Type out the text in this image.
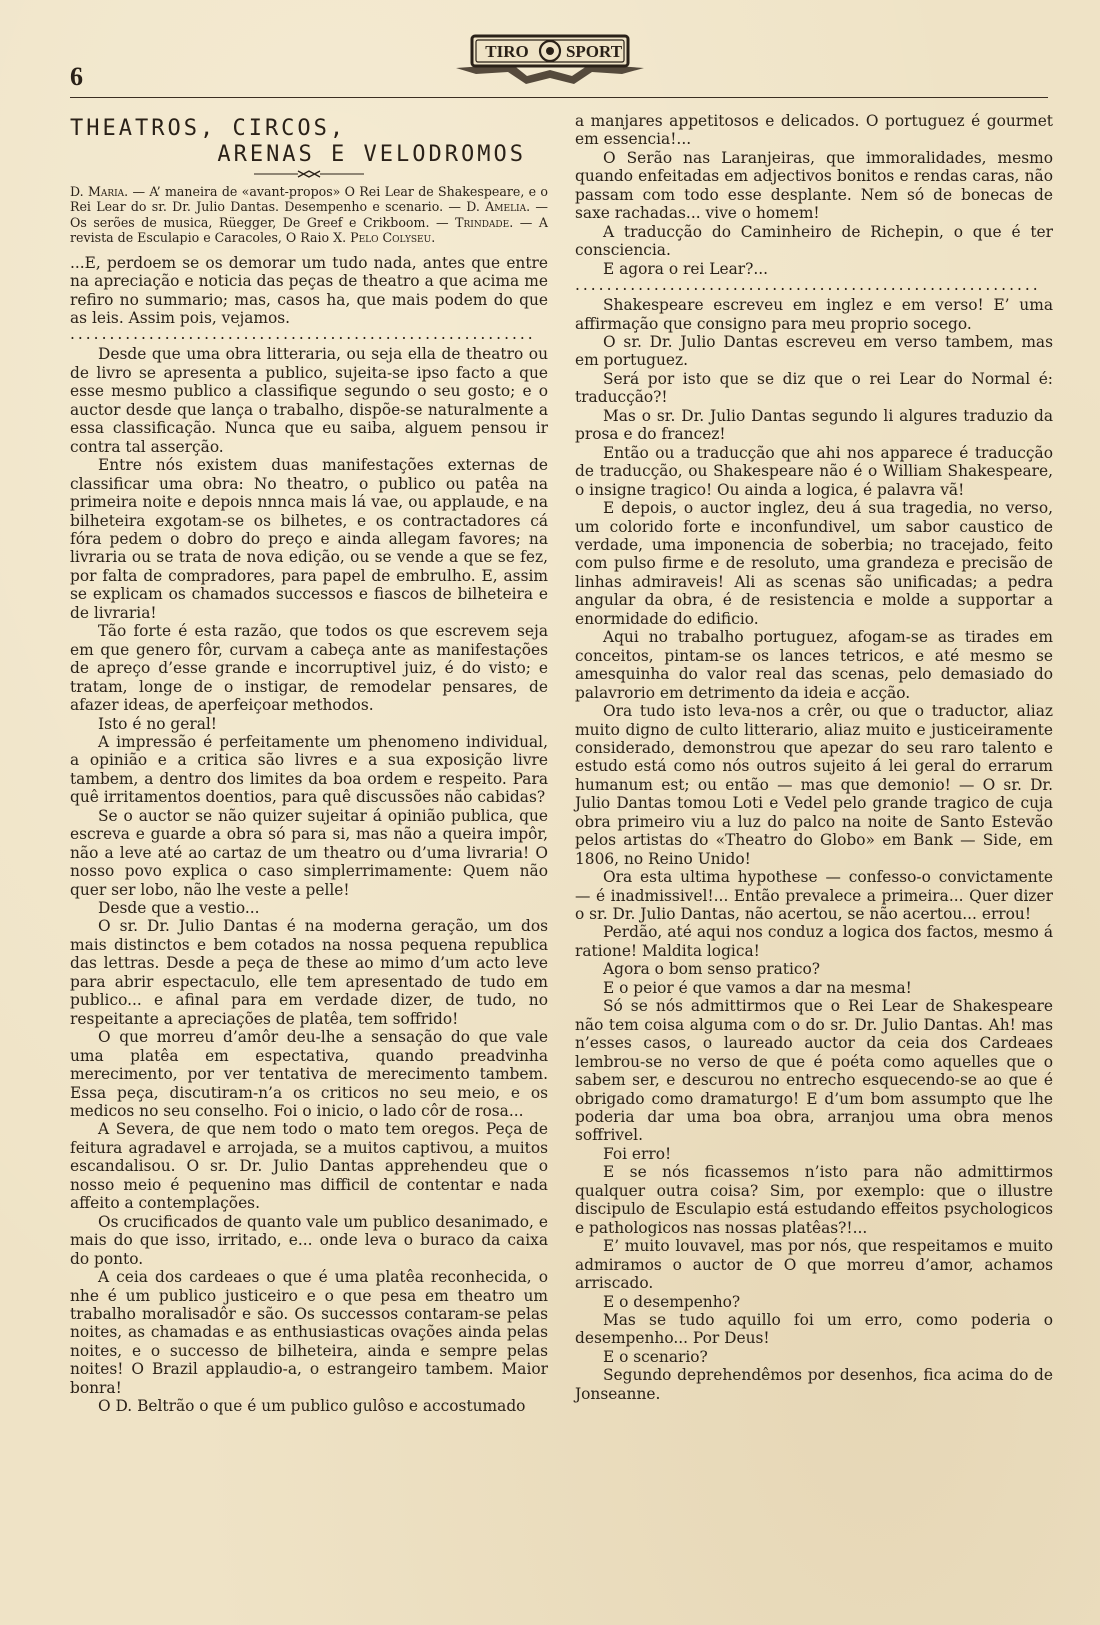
6
TIRO SPORT
THEATROS, CIRCOS,
ARENAS E VELODROMOS
D. Maria. — A’ maneira de «avant-propos» O Rei Lear de Shakespeare, e o Rei Lear do sr. Dr. Julio Dantas. Desempenho e scenario. — D. Amelia. — Os serões de musica, Rüegger, De Greef e Crikboom. — Trindade. — A revista de Esculapio e Caracoles, O Raio X. Pelo Colyseu.

...E, perdoem se os demorar um tudo nada, antes que entre na apreciação e noticia das peças de theatro a que acima me refiro no summario; mas, casos ha, que mais podem do que as leis. Assim pois, vejamos.

...........................................................

Desde que uma obra litteraria, ou seja ella de theatro ou de livro se apresenta a publico, sujeita-se ipso facto a que esse mesmo publico a classifique segundo o seu gosto; e o auctor desde que lança o trabalho, dispõe-se naturalmente a essa classificação. Nunca que eu saiba, alguem pensou ir contra tal asserção.

Entre nós existem duas manifestações externas de classificar uma obra: No theatro, o publico ou patêa na primeira noite e depois nnnca mais lá vae, ou applaude, e na bilheteira exgotam-se os bilhetes, e os contractadores cá fóra pedem o dobro do preço e ainda allegam favores; na livraria ou se trata de nova edição, ou se vende a que se fez, por falta de compradores, para papel de embrulho. E, assim se explicam os chamados successos e fiascos de bilheteira e de livraria!

Tão forte é esta razão, que todos os que escrevem seja em que genero fôr, curvam a cabeça ante as manifestações de apreço d’esse grande e incorruptivel juiz, é do visto; e tratam, longe de o instigar, de remodelar pensares, de afazer ideas, de aperfeiçoar methodos.

Isto é no geral!

A impressão é perfeitamente um phenomeno individual, a opinião e a critica são livres e a sua exposição livre tambem, a dentro dos limites da boa ordem e respeito. Para quê irritamentos doentios, para quê discussões não cabidas?

Se o auctor se não quizer sujeitar á opinião publica, que escreva e guarde a obra só para si, mas não a queira impôr, não a leve até ao cartaz de um theatro ou d’uma livraria! O nosso povo explica o caso simplerrimamente: Quem não quer ser lobo, não lhe veste a pelle!

Desde que a vestio...

O sr. Dr. Julio Dantas é na moderna geração, um dos mais distinctos e bem cotados na nossa pequena republica das lettras. Desde a peça de these ao mimo d’um acto leve para abrir espectaculo, elle tem apresentado de tudo em publico... e afinal para em verdade dizer, de tudo, no respeitante a apreciações de platêa, tem soffrido!

O que morreu d’amôr deu-lhe a sensação do que vale uma platêa em espectativa, quando preadvinha merecimento, por ver tentativa de merecimento tambem. Essa peça, discutiram-n’a os criticos no seu meio, e os medicos no seu conselho. Foi o inicio, o lado côr de rosa...

A Severa, de que nem todo o mato tem oregos. Peça de feitura agradavel e arrojada, se a muitos captivou, a muitos escandalisou. O sr. Dr. Julio Dantas apprehendeu que o nosso meio é pequenino mas difficil de contentar e nada affeito a contemplações.

Os crucificados de quanto vale um publico desanimado, e mais do que isso, irritado, e... onde leva o buraco da caixa do ponto.

A ceia dos cardeaes o que é uma platêa reconhecida, o nhe é um publico justiceiro e o que pesa em theatro um trabalho moralisadôr e são. Os successos contaram-se pelas noites, as chamadas e as enthusiasticas ovações ainda pelas noites, e o successo de bilheteira, ainda e sempre pelas noites! O Brazil applaudio-a, o estrangeiro tambem. Maior bonra!

O D. Beltrão o que é um publico gulôso e accostumado

a manjares appetitosos e delicados. O portuguez é gourmet em essencia!...

O Serão nas Laranjeiras, que immoralidades, mesmo quando enfeitadas em adjectivos bonitos e rendas caras, não passam com todo esse desplante. Nem só de bonecas de saxe rachadas... vive o homem!

A traducção do Caminheiro de Richepin, o que é ter consciencia.

E agora o rei Lear?...

...........................................................

Shakespeare escreveu em inglez e em verso! E’ uma affirmação que consigno para meu proprio socego.

O sr. Dr. Julio Dantas escreveu em verso tambem, mas em portuguez.

Será por isto que se diz que o rei Lear do Normal é: traducção?!

Mas o sr. Dr. Julio Dantas segundo li algures traduzio da prosa e do francez!

Então ou a traducção que ahi nos apparece é traducção de traducção, ou Shakespeare não é o William Shakespeare, o insigne tragico! Ou ainda a logica, é palavra vã!

E depois, o auctor inglez, deu á sua tragedia, no verso, um colorido forte e inconfundivel, um sabor caustico de verdade, uma imponencia de soberbia; no tracejado, feito com pulso firme e de resoluto, uma grandeza e precisão de linhas admiraveis! Ali as scenas são unificadas; a pedra angular da obra, é de resistencia e molde a supportar a enormidade do edificio.

Aqui no trabalho portuguez, afogam-se as tirades em conceitos, pintam-se os lances tetricos, e até mesmo se amesquinha do valor real das scenas, pelo demasiado do palavrorio em detrimento da ideia e acção.

Ora tudo isto leva-nos a crêr, ou que o traductor, aliaz muito digno de culto litterario, aliaz muito e justiceiramente considerado, demonstrou que apezar do seu raro talento e estudo está como nós outros sujeito á lei geral do errarum humanum est; ou então — mas que demonio! — O sr. Dr. Julio Dantas tomou Loti e Vedel pelo grande tragico de cuja obra primeiro viu a luz do palco na noite de Santo Estevão pelos artistas do «Theatro do Globo» em Bank — Side, em 1806, no Reino Unido!

Ora esta ultima hypothese — confesso-o convictamente — é inadmissivel!... Então prevalece a primeira... Quer dizer o sr. Dr. Julio Dantas, não acertou, se não acertou... errou!

Perdão, até aqui nos conduz a logica dos factos, mesmo á ratione! Maldita logica!

Agora o bom senso pratico?

E o peior é que vamos a dar na mesma!

Só se nós admittirmos que o Rei Lear de Shakespeare não tem coisa alguma com o do sr. Dr. Julio Dantas. Ah! mas n’esses casos, o laureado auctor da ceia dos Cardeaes lembrou-se no verso de que é poéta como aquelles que o sabem ser, e descurou no entrecho esquecendo-se ao que é obrigado como dramaturgo! E d’um bom assumpto que lhe poderia dar uma boa obra, arranjou uma obra menos soffrivel.

Foi erro!

E se nós ficassemos n’isto para não admittirmos qualquer outra coisa? Sim, por exemplo: que o illustre discipulo de Esculapio está estudando effeitos psychologicos e pathologicos nas nossas platêas?!...

E’ muito louvavel, mas por nós, que respeitamos e muito admiramos o auctor de O que morreu d’amor, achamos arriscado.

E o desempenho?

Mas se tudo aquillo foi um erro, como poderia o desempenho... Por Deus!

E o scenario?

Segundo deprehendêmos por desenhos, fica acima do de Jonseanne.
